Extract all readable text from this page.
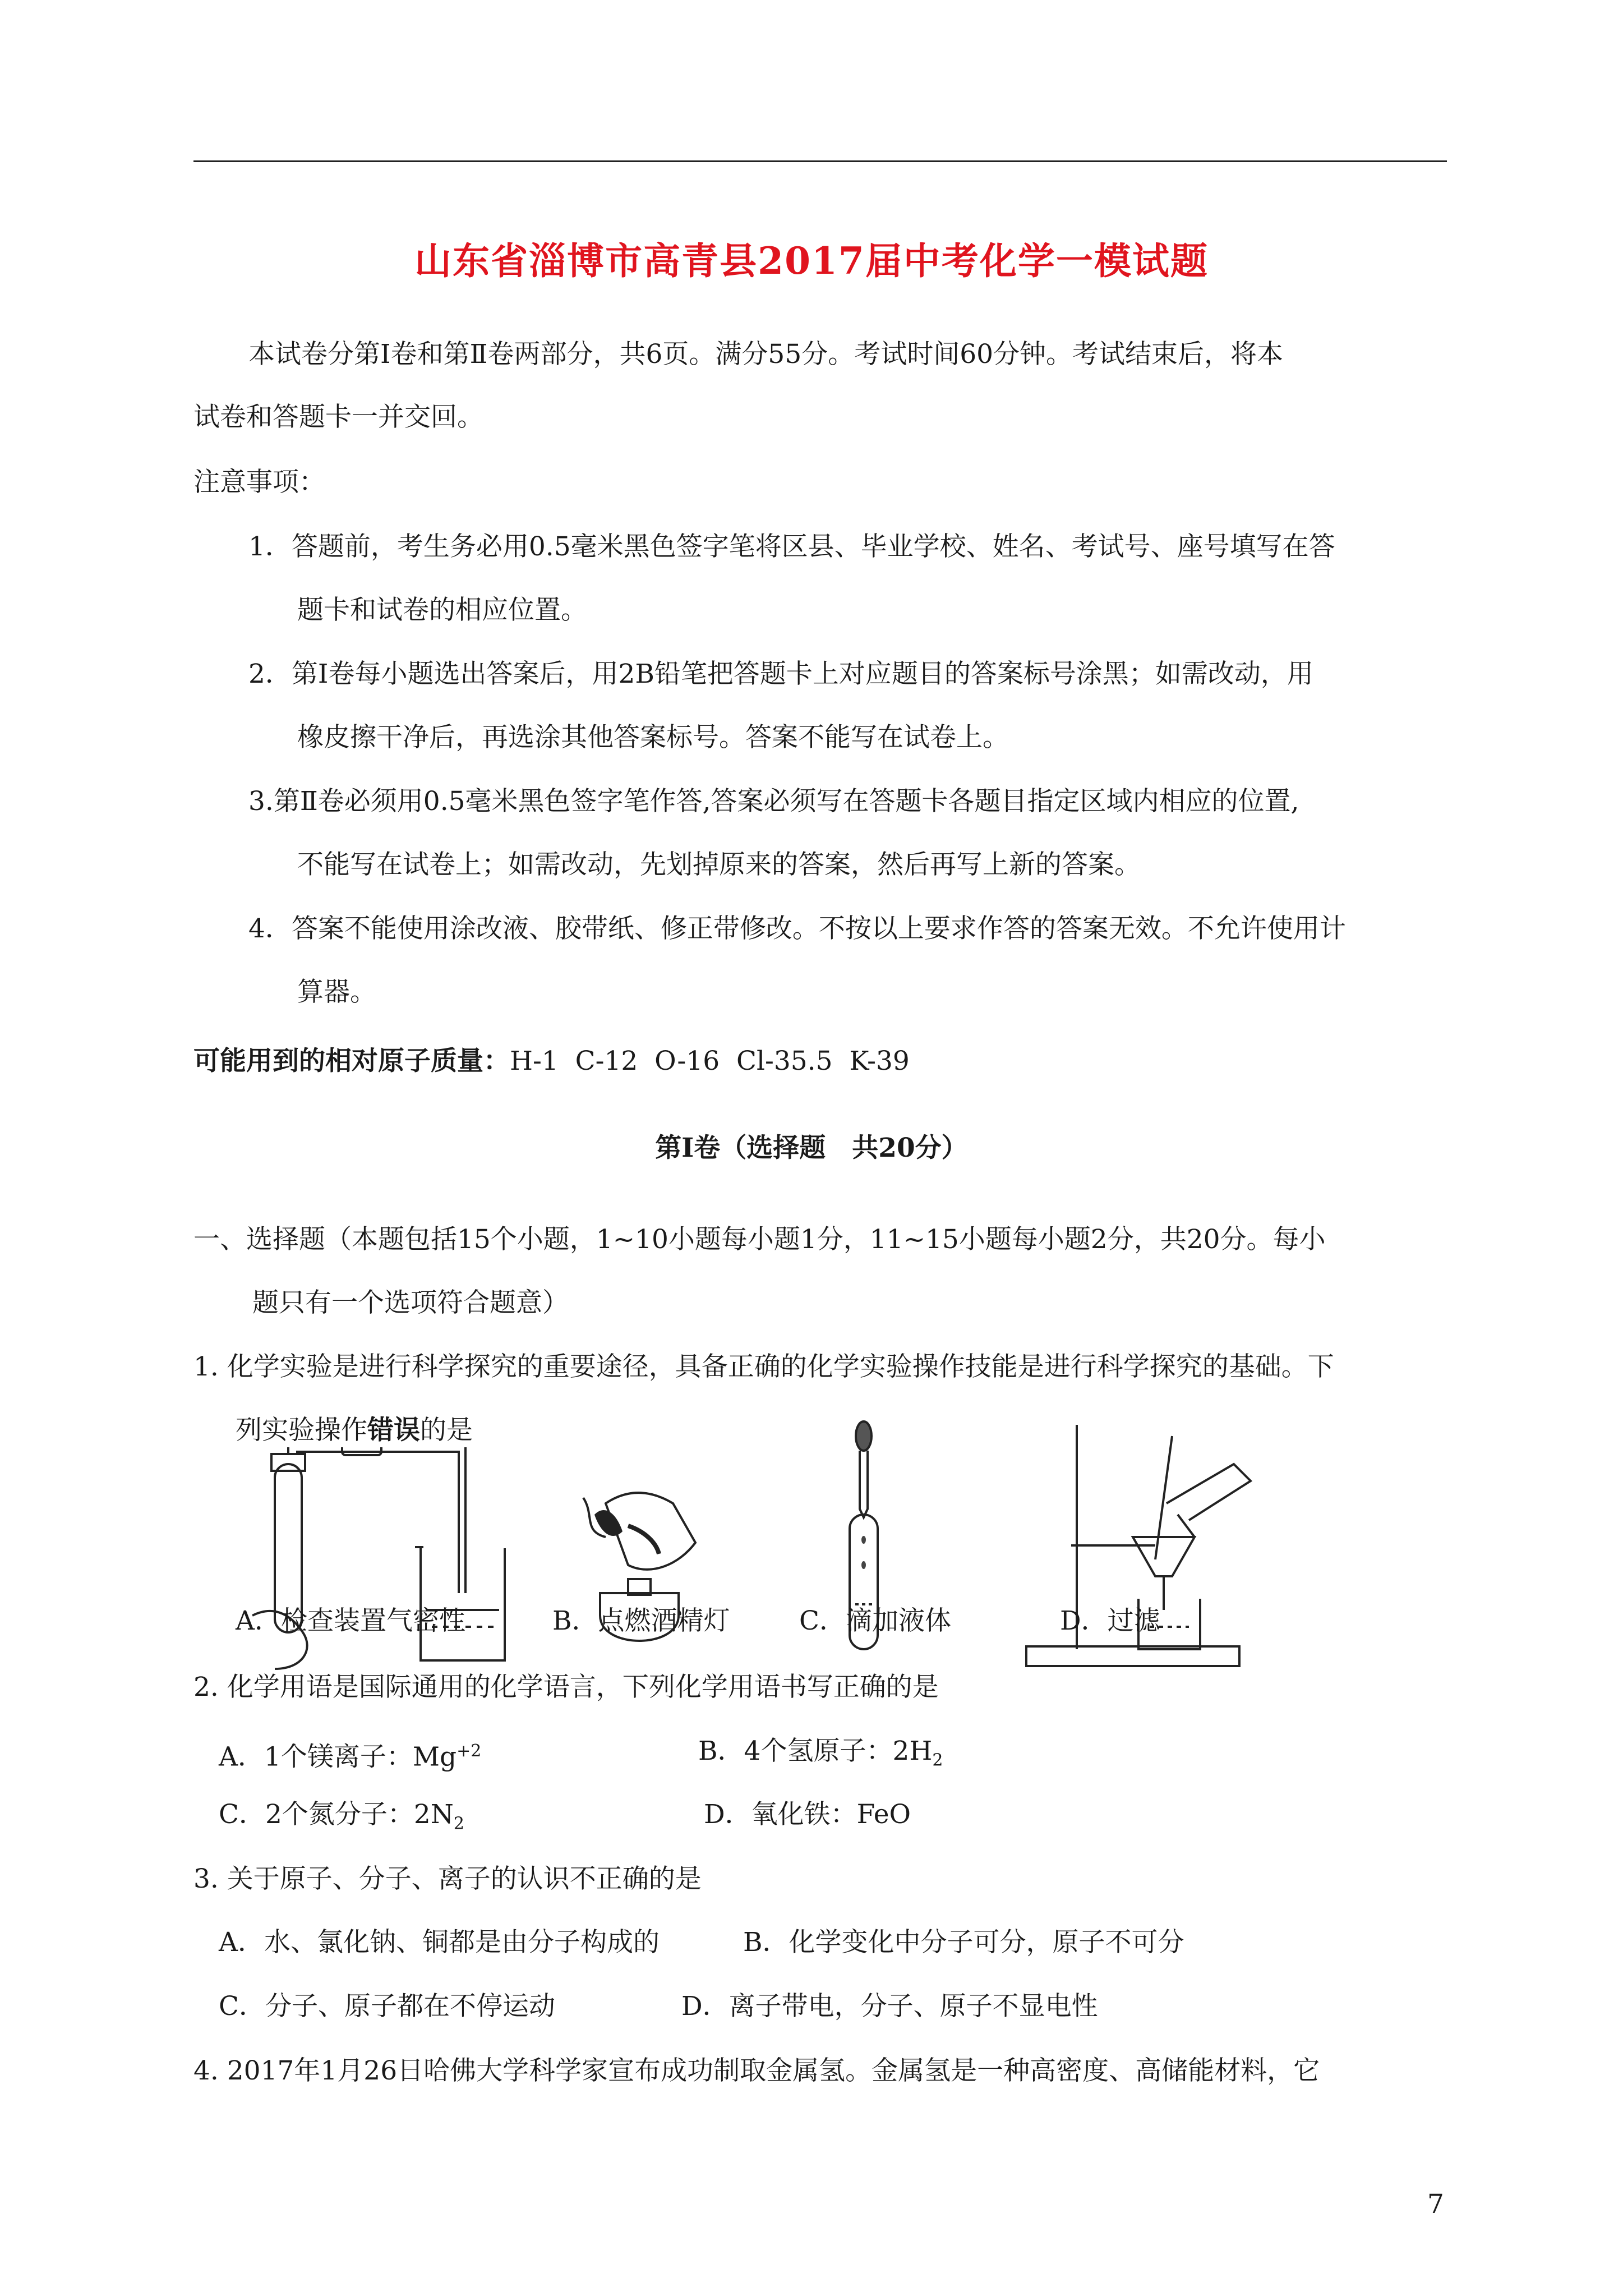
山东省淄博市高青县2017届中考化学一模试题
本试卷分第Ⅰ卷和第Ⅱ卷两部分，共6页。满分55分。考试时间60分钟。考试结束后，将本
试卷和答题卡一并交回。
注意事项：
1．答题前，考生务必用0.5毫米黑色签字笔将区县、毕业学校、姓名、考试号、座号填写在答
题卡和试卷的相应位置。
2．第Ⅰ卷每小题选出答案后，用2B铅笔把答题卡上对应题目的答案标号涂黑；如需改动，用
橡皮擦干净后，再选涂其他答案标号。答案不能写在试卷上。
3.第Ⅱ卷必须用0.5毫米黑色签字笔作答,答案必须写在答题卡各题目指定区域内相应的位置,
不能写在试卷上；如需改动，先划掉原来的答案，然后再写上新的答案。
4．答案不能使用涂改液、胶带纸、修正带修改。不按以上要求作答的答案无效。不允许使用计
算器。
可能用到的相对原子质量：H-1  C-12  O-16  Cl-35.5  K-39
第Ⅰ卷（选择题　共20分）
一、选择题（本题包括15个小题，1~10小题每小题1分，11~15小题每小题2分，共20分。每小
题只有一个选项符合题意）
1. 化学实验是进行科学探究的重要途径，具备正确的化学实验操作技能是进行科学探究的基础。下
列实验操作错误的是
A．检查装置气密性	B．点燃酒精灯	C．滴加液体	D．过滤
2. 化学用语是国际通用的化学语言，下列化学用语书写正确的是
A．1个镁离子：$Mg^{+2}$	B．4个氢原子：$2H_2$
C．2个氮分子：$2N_2$	D．氧化铁：FeO
3. 关于原子、分子、离子的认识不正确的是
A．水、氯化钠、铜都是由分子构成的	B．化学变化中分子可分，原子不可分
C．分子、原子都在不停运动	D．离子带电，分子、原子不显电性
4. 2017年1月26日哈佛大学科学家宣布成功制取金属氢。金属氢是一种高密度、高储能材料，它
7
